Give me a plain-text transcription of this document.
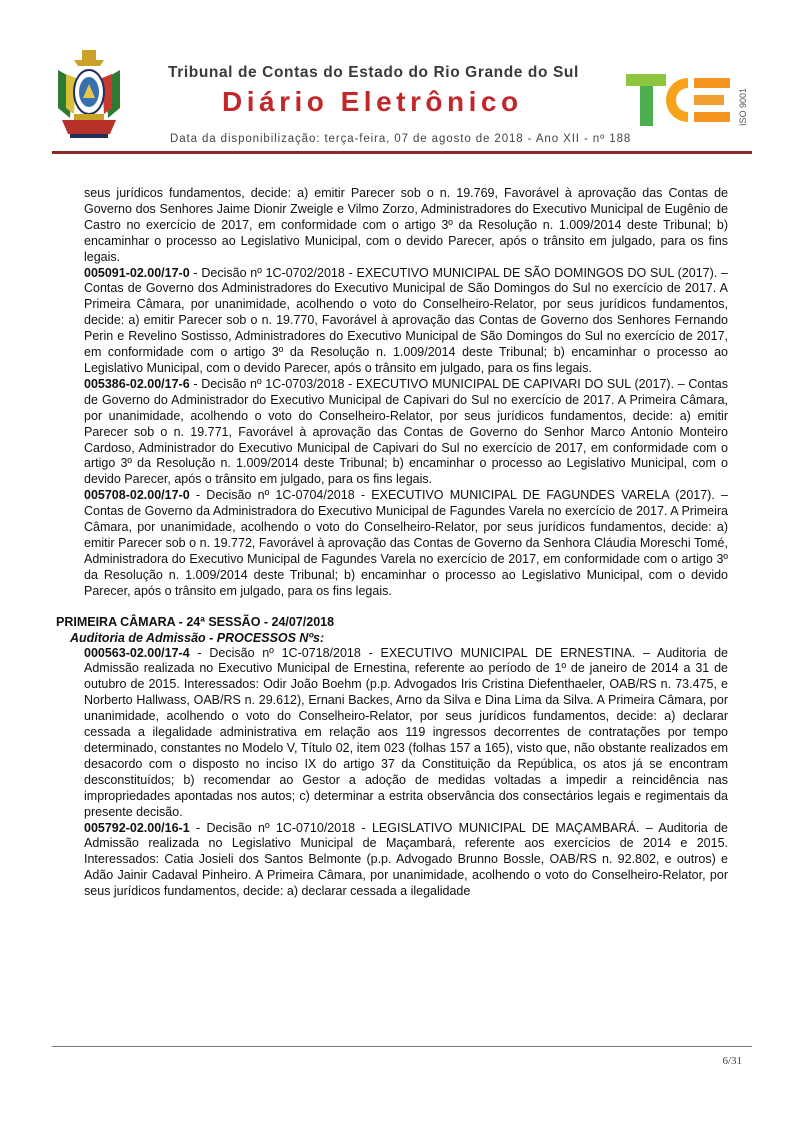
Tribunal de Contas do Estado do Rio Grande do Sul
Diário Eletrônico
Data da disponibilização: terça-feira, 07 de agosto de 2018 - Ano XII - nº 188
ISO 9001
seus jurídicos fundamentos, decide: a) emitir Parecer sob o n. 19.769, Favorável à aprovação das Contas de Governo dos Senhores Jaime Dionir Zweigle e Vilmo Zorzo, Administradores do Executivo Municipal de Eugênio de Castro no exercício de 2017, em conformidade com o artigo 3º da Resolução n. 1.009/2014 deste Tribunal; b) encaminhar o processo ao Legislativo Municipal, com o devido Parecer, após o trânsito em julgado, para os fins legais.
005091-02.00/17-0 - Decisão nº 1C-0702/2018 - EXECUTIVO MUNICIPAL DE SÃO DOMINGOS DO SUL (2017). – Contas de Governo dos Administradores do Executivo Municipal de São Domingos do Sul no exercício de 2017. A Primeira Câmara, por unanimidade, acolhendo o voto do Conselheiro-Relator, por seus jurídicos fundamentos, decide: a) emitir Parecer sob o n. 19.770, Favorável à aprovação das Contas de Governo dos Senhores Fernando Perin e Revelino Sostisso, Administradores do Executivo Municipal de São Domingos do Sul no exercício de 2017, em conformidade com o artigo 3º da Resolução n. 1.009/2014 deste Tribunal; b) encaminhar o processo ao Legislativo Municipal, com o devido Parecer, após o trânsito em julgado, para os fins legais.
005386-02.00/17-6 - Decisão nº 1C-0703/2018 - EXECUTIVO MUNICIPAL DE CAPIVARI DO SUL (2017). – Contas de Governo do Administrador do Executivo Municipal de Capivari do Sul no exercício de 2017. A Primeira Câmara, por unanimidade, acolhendo o voto do Conselheiro-Relator, por seus jurídicos fundamentos, decide: a) emitir Parecer sob o n. 19.771, Favorável à aprovação das Contas de Governo do Senhor Marco Antonio Monteiro Cardoso, Administrador do Executivo Municipal de Capivari do Sul no exercício de 2017, em conformidade com o artigo 3º da Resolução n. 1.009/2014 deste Tribunal; b) encaminhar o processo ao Legislativo Municipal, com o devido Parecer, após o trânsito em julgado, para os fins legais.
005708-02.00/17-0 - Decisão nº 1C-0704/2018 - EXECUTIVO MUNICIPAL DE FAGUNDES VARELA (2017). – Contas de Governo da Administradora do Executivo Municipal de Fagundes Varela no exercício de 2017. A Primeira Câmara, por unanimidade, acolhendo o voto do Conselheiro-Relator, por seus jurídicos fundamentos, decide: a) emitir Parecer sob o n. 19.772, Favorável à aprovação das Contas de Governo da Senhora Cláudia Moreschi Tomé, Administradora do Executivo Municipal de Fagundes Varela no exercício de 2017, em conformidade com o artigo 3º da Resolução n. 1.009/2014 deste Tribunal; b) encaminhar o processo ao Legislativo Municipal, com o devido Parecer, após o trânsito em julgado, para os fins legais.
PRIMEIRA CÂMARA - 24ª SESSÃO - 24/07/2018
Auditoria de Admissão - PROCESSOS Nºs:
000563-02.00/17-4 - Decisão nº 1C-0718/2018 - EXECUTIVO MUNICIPAL DE ERNESTINA. – Auditoria de Admissão realizada no Executivo Municipal de Ernestina, referente ao período de 1º de janeiro de 2014 a 31 de outubro de 2015. Interessados: Odir João Boehm (p.p. Advogados Iris Cristina Diefenthaeler, OAB/RS n. 73.475, e Norberto Hallwass, OAB/RS n. 29.612), Ernani Backes, Arno da Silva e Dina Lima da Silva. A Primeira Câmara, por unanimidade, acolhendo o voto do Conselheiro-Relator, por seus jurídicos fundamentos, decide: a) declarar cessada a ilegalidade administrativa em relação aos 119 ingressos decorrentes de contratações por tempo determinado, constantes no Modelo V, Título 02, item 023 (folhas 157 a 165), visto que, não obstante realizados em desacordo com o disposto no inciso IX do artigo 37 da Constituição da República, os atos já se encontram desconstituídos; b) recomendar ao Gestor a adoção de medidas voltadas a impedir a reincidência nas impropriedades apontadas nos autos; c) determinar a estrita observância dos consectários legais e regimentais da presente decisão.
005792-02.00/16-1 - Decisão nº 1C-0710/2018 - LEGISLATIVO MUNICIPAL DE MAÇAMBARÁ. – Auditoria de Admissão realizada no Legislativo Municipal de Maçambará, referente aos exercícios de 2014 e 2015. Interessados: Catia Josieli dos Santos Belmonte (p.p. Advogado Brunno Bossle, OAB/RS n. 92.802, e outros) e Adão Jainir Cadaval Pinheiro. A Primeira Câmara, por unanimidade, acolhendo o voto do Conselheiro-Relator, por seus jurídicos fundamentos, decide: a) declarar cessada a ilegalidade
6/31
